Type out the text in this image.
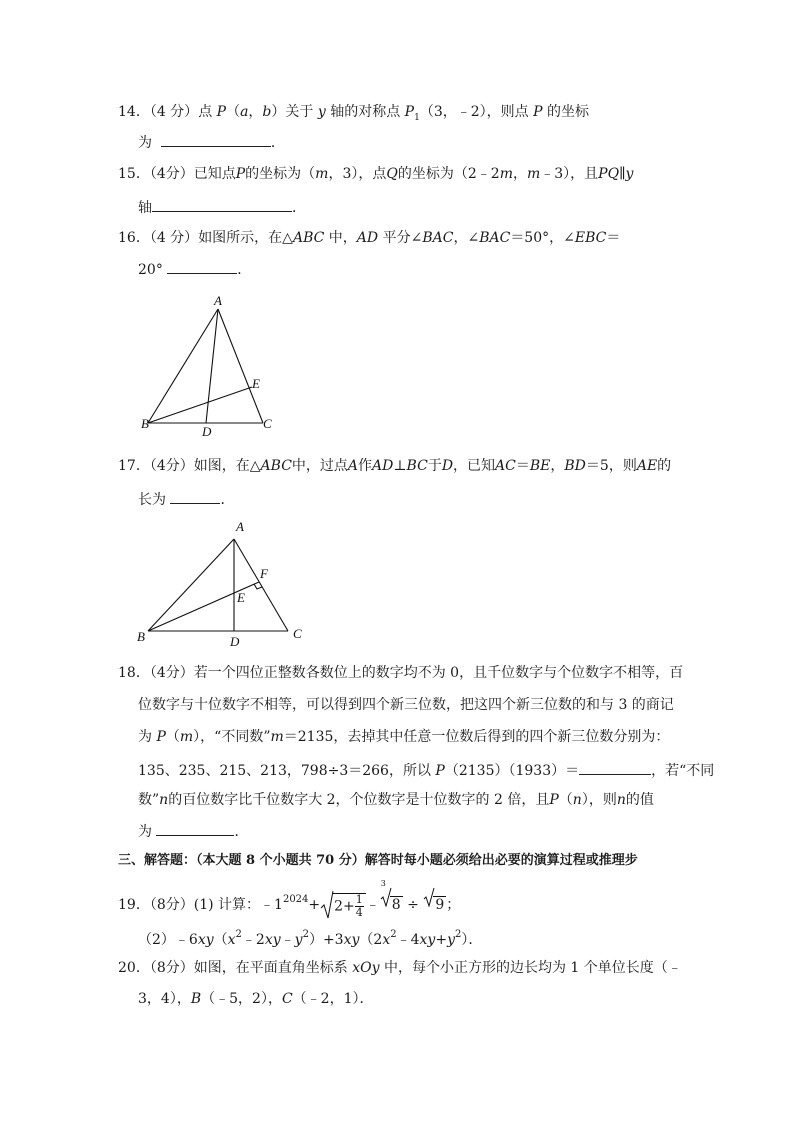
14．（4 分）点 P（a，b）关于 y 轴的对称点 $P_1(3$，﹣2），则点 P 的坐标
为	．
15．（4分）已知点P的坐标为（m，3），点Q的坐标为（2﹣2m，m﹣3），且PQ∥y
轴	．
16．（4 分）如图所示，在△ABC 中，AD 平分∠BAC，∠BAC＝50°，∠EBC＝
20°	．
A
B	C
D
E
17．（4分）如图，在△ABC中，过点A作AD⊥BC于D，已知AC＝BE，BD＝5，则AE的
长为	．
A
B	C
D
E
F
18．（4分）若一个四位正整数各数位上的数字均不为 0，且千位数字与个位数字不相等，百
位数字与十位数字不相等，可以得到四个新三位数，把这四个新三位数的和与 3 的商记
为 P（m），“不同数”m＝2135，去掉其中任意一位数后得到的四个新三位数分别为：
135、235、215、213，798÷3＝266，所以 P（2135）（1933）＝	，若“不同
数”n的百位数字比千位数字大 2，个位数字是十位数字的 2 倍，且P（n），则n的值
为	．
三、解答题：（本大题 8 个小题共 70 分）解答时每小题必须给出必要的演算过程或推理步
19．（8分）(1) 计算：$﹣1^{2024}+ 2+ \frac{1}{4}$ ﹣
3
8 ÷ 9 ；
$(2)﹣6xy(x^2﹣2xy﹣y^2)+3xy(2x^2﹣4xy+y^2)$．
20．（8分）如图，在平面直角坐标系 xOy 中，每个小正方形的边长均为 1 个单位长度（﹣
3，4），B（﹣5，2），C（﹣2，1）．
